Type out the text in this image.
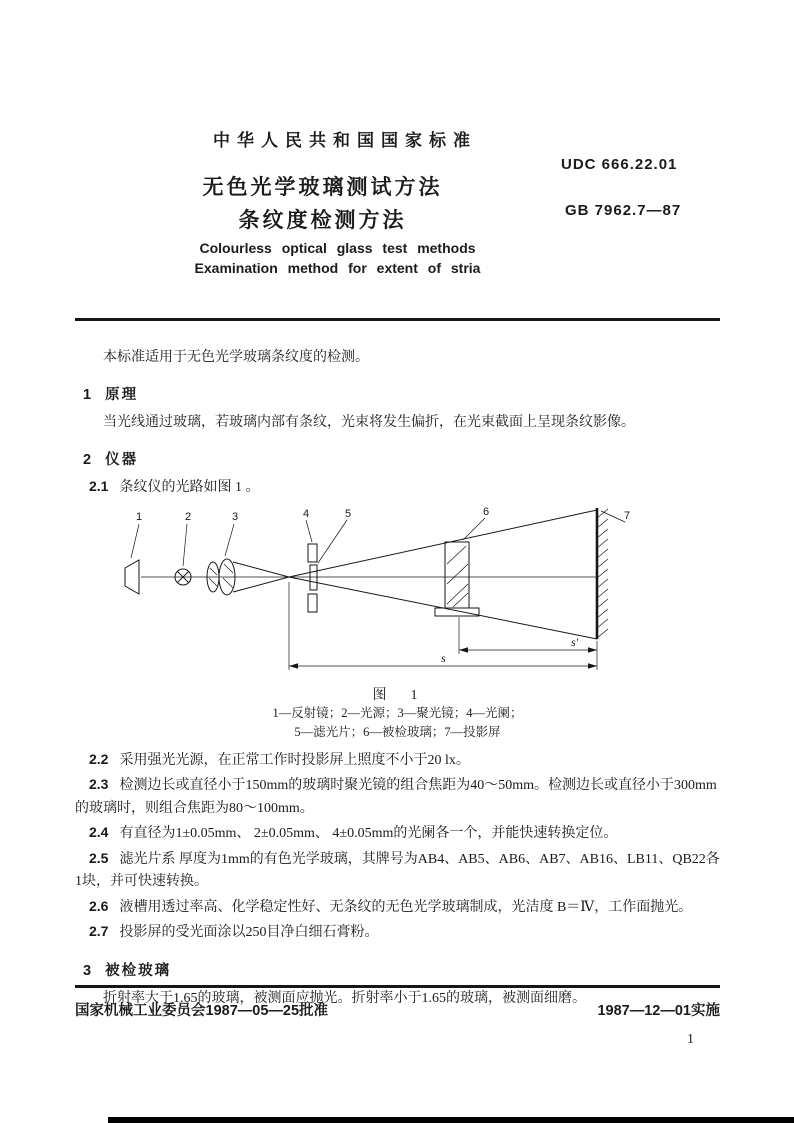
中华人民共和国国家标准
UDC 666.22.01
无色光学玻璃测试方法
条纹度检测方法	GB 7962.7—87
Colourless optical glass test methods
Examination method for extent of stria

本标准适用于无色光学玻璃条纹度的检测。

1 原理

当光线通过玻璃，若玻璃内部有条纹，光束将发生偏折，在光束截面上呈现条纹影像。

2 仪器

2.1 条纹仪的光路如图 1 。

s′
s
1	2	3	4	5	6	7
图　1
1—反射镜；2—光源；3—聚光镜；4—光阑；
5—滤光片；6—被检玻璃；7—投影屏

2.2 采用强光光源，在正常工作时投影屏上照度不小于20 lx。

2.3 检测边长或直径小于150mm的玻璃时聚光镜的组合焦距为40～50mm。检测边长或直径小于300mm的玻璃时，则组合焦距为80～100mm。

2.4 有直径为1±0.05mm、 2±0.05mm、 4±0.05mm的光阑各一个，并能快速转换定位。

2.5 滤光片系 厚度为1mm的有色光学玻璃，其牌号为AB4、AB5、AB6、AB7、AB16、LB11、QB22各1块，并可快速转换。

2.6 液槽用透过率高、化学稳定性好、无条纹的无色光学玻璃制成，光洁度 B＝Ⅳ，工作面抛光。

2.7 投影屏的受光面涂以250目净白细石膏粉。

3 被检玻璃

折射率大于1.65的玻璃，被测面应抛光。折射率小于1.65的玻璃，被测面细磨。

国家机械工业委员会1987—05—25批准	1987—12—01实施
1
